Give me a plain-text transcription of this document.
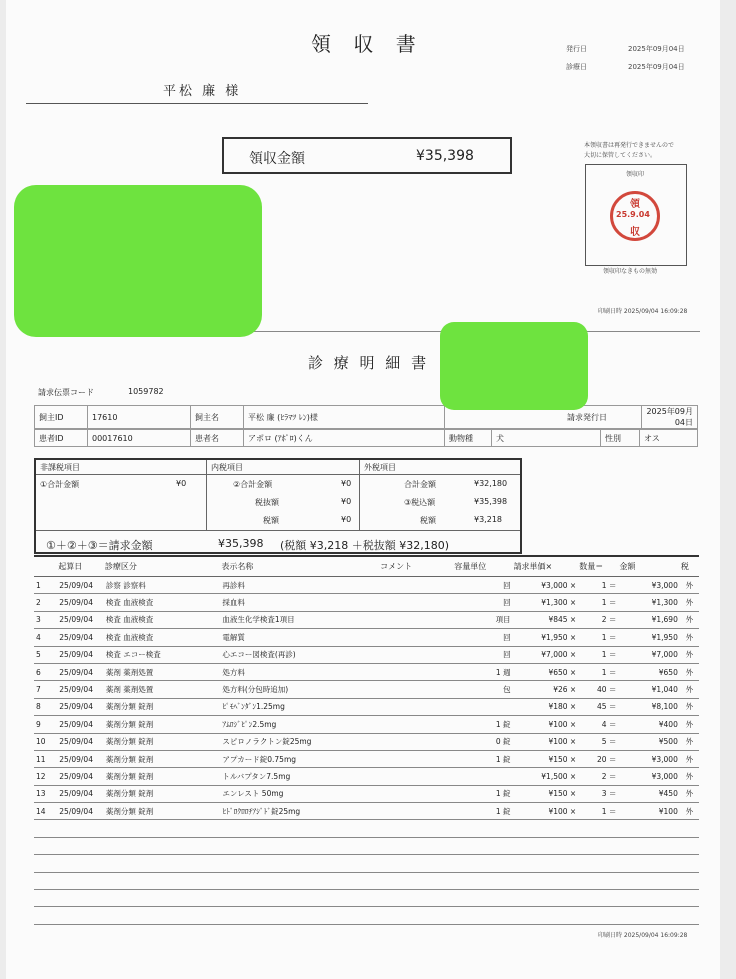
領 収 書	発行日	2025年09月04日
診療日	2025年09月04日
平松 廉 様
領収金額	¥35,398
本領収書は再発行できませんので
大切に保管してください。
領収印
領
25.9.04
収
領収印なきもの無効
印刷日時 2025/09/04 16:09:28
診 療 明 細 書
請求伝票コード	1059782
飼主ID	17610	飼主名	平松 廉 (ﾋﾗﾏﾂ ﾚﾝ)様		請求発行日	2025年09月04日
患者ID	00017610	患者名	アポロ (ｱﾎﾟﾛ)くん	動物種	犬	性別	オス
非課税項目
①合計金額	¥0
内税項目
②合計金額	¥0
税抜額	¥0
税額	¥0
外税項目
合計金額	¥32,180
③税込額	¥35,398
税額	¥3,218
①＋②＋③＝請求金額	¥35,398 (税額 ¥3,218 ＋税抜額 ¥32,180)
	起算日	診療区分	表示名称	コメント	容量単位	請求単価×	数量＝	金額	税
1	25/09/04	診察 診察料	再診料		回	¥3,000 ×	1 ＝	¥3,000	外
2	25/09/04	検査 血液検査	採血料		回	¥1,300 ×	1 ＝	¥1,300	外
3	25/09/04	検査 血液検査	血液生化学検査1項目		項目	¥845 ×	2 ＝	¥1,690	外
4	25/09/04	検査 血液検査	電解質		回	¥1,950 ×	1 ＝	¥1,950	外
5	25/09/04	検査 エコー検査	心エコー図検査(再診)		回	¥7,000 ×	1 ＝	¥7,000	外
6	25/09/04	薬剤 薬剤処置	処方料		1 週	¥650 ×	1 ＝	¥650	外
7	25/09/04	薬剤 薬剤処置	処方料(分包時追加)		包	¥26 ×	40 ＝	¥1,040	外
8	25/09/04	薬剤分類 錠剤	ﾋﾟﾓﾍﾞﾝﾀﾞﾝ1.25mg			¥180 ×	45 ＝	¥8,100	外
9	25/09/04	薬剤分類 錠剤	ｱﾑﾛｼﾞﾋﾟﾝ2.5mg		1 錠	¥100 ×	4 ＝	¥400	外
10	25/09/04	薬剤分類 錠剤	スピロノラクトン錠25mg		0 錠	¥100 ×	5 ＝	¥500	外
11	25/09/04	薬剤分類 錠剤	アプカード錠0.75mg		1 錠	¥150 ×	20 ＝	¥3,000	外
12	25/09/04	薬剤分類 錠剤	トルバプタン7.5mg			¥1,500 ×	2 ＝	¥3,000	外
13	25/09/04	薬剤分類 錠剤	エンレスト 50mg		1 錠	¥150 ×	3 ＝	¥450	外
14	25/09/04	薬剤分類 錠剤	ﾋﾄﾞﾛｸﾛﾛﾁｱｼﾞﾄﾞ錠25mg		1 錠	¥100 ×	1 ＝	¥100	外

印刷日時 2025/09/04 16:09:28
